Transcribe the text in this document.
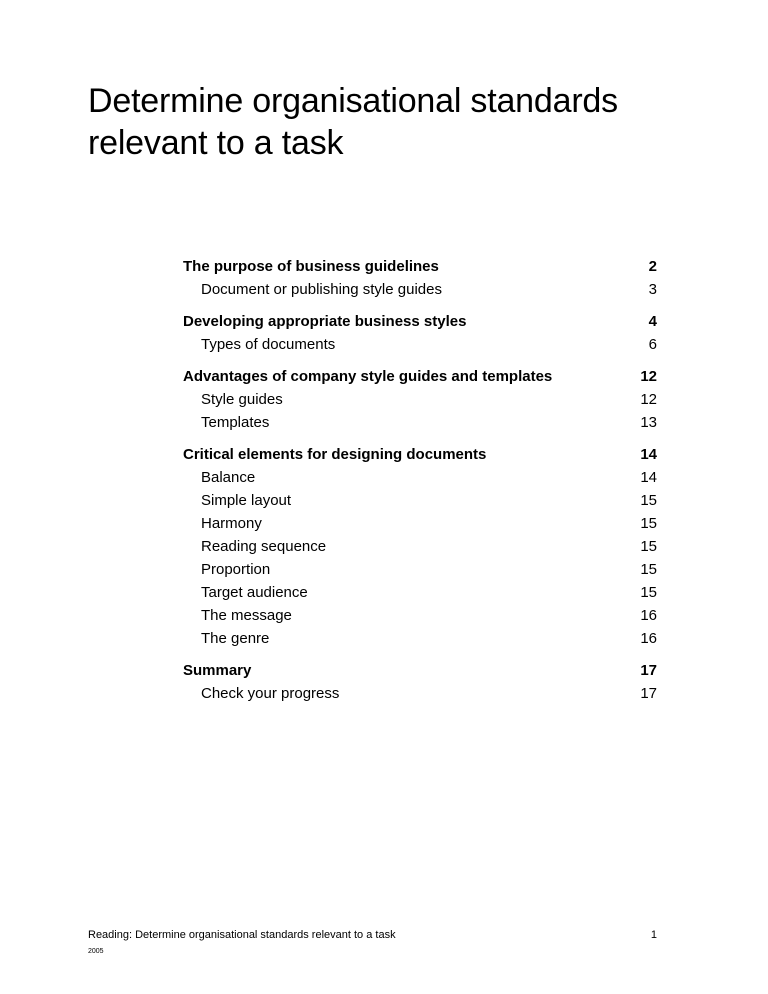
Determine organisational standards
relevant to a task
The purpose of business guidelines	2
Document or publishing style guides	3
Developing appropriate business styles	4
Types of documents	6
Advantages of company style guides and templates	12
Style guides	12
Templates	13
Critical elements for designing documents	14
Balance	14
Simple layout	15
Harmony	15
Reading sequence	15
Proportion	15
Target audience	15
The message	16
The genre	16
Summary	17
Check your progress	17
Reading: Determine organisational standards relevant to a task
2005
1
